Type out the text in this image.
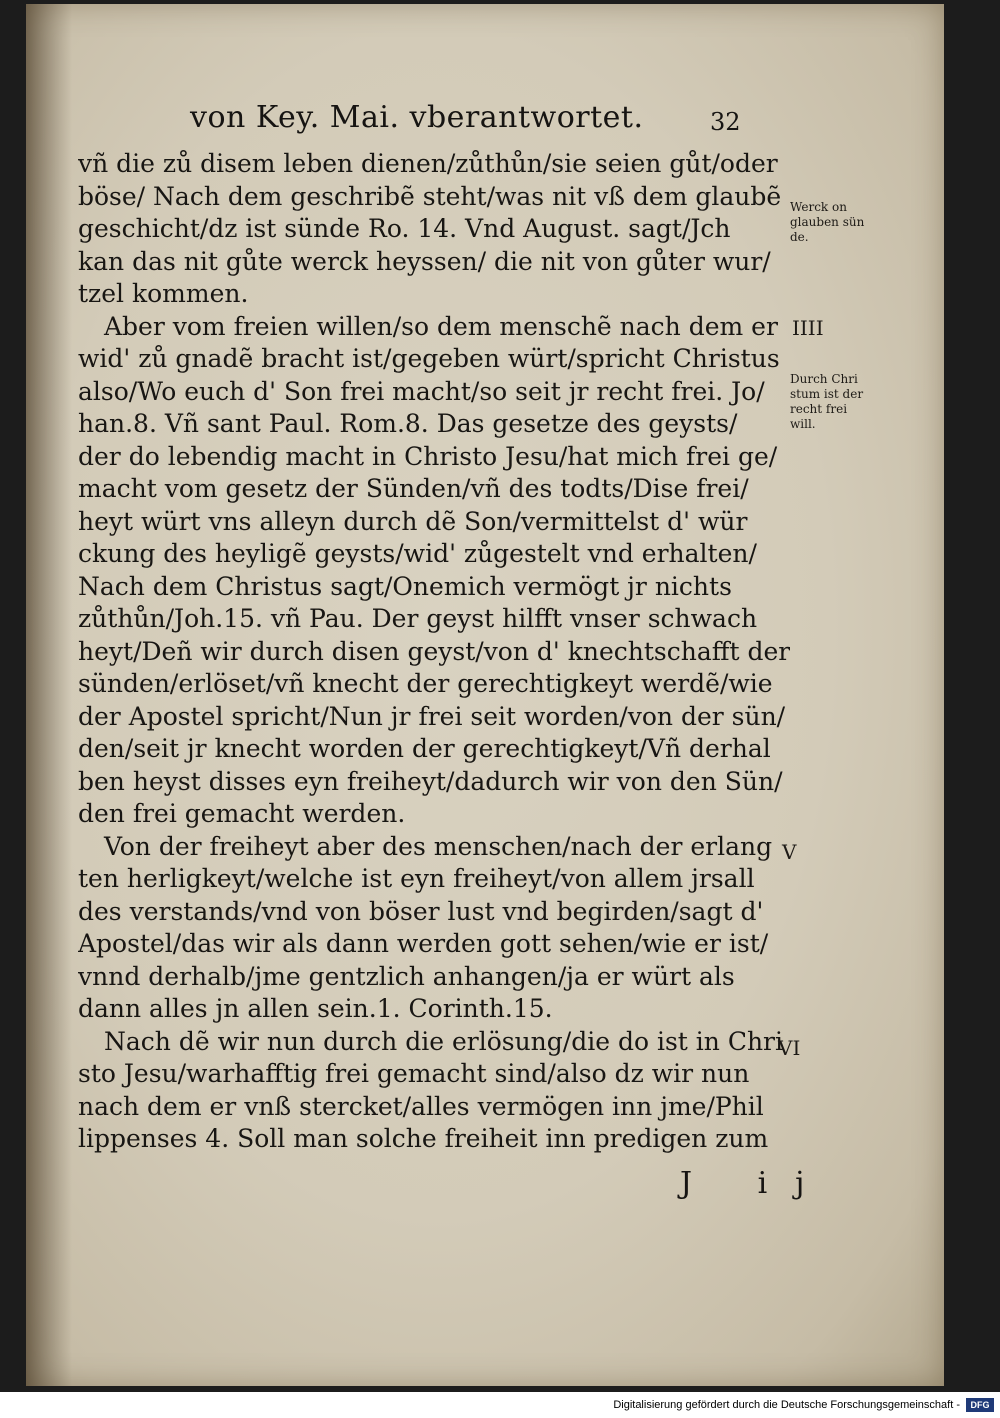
von Key. Mai. vberantwortet.	32
vñ die zů disem leben dienen/zůthůn/sie seien gůt/oder
böse/ Nach dem geschribẽ steht/was nit vß dem glaubẽ
geschicht/dz ist sünde Ro. 14. Vnd August. sagt/Jch
kan das nit gůte werck heyssen/ die nit von gůter wur/
tzel kommen.
Aber vom freien willen/so dem menschẽ nach dem er
wid' zů gnadẽ bracht ist/gegeben würt/spricht Christus
also/Wo euch d' Son frei macht/so seit jr recht frei. Jo/
han.8. Vñ sant Paul. Rom.8. Das gesetze des geysts/
der do lebendig macht in Christo Jesu/hat mich frei ge/
macht vom gesetz der Sünden/vñ des todts/Dise frei/
heyt würt vns alleyn durch dẽ Son/vermittelst d' wür
ckung des heyligẽ geysts/wid' zůgestelt vnd erhalten/
Nach dem Christus sagt/Onemich vermögt jr nichts
zůthůn/Joh.15. vñ Pau. Der geyst hilfft vnser schwach
heyt/Deñ wir durch disen geyst/von d' knechtschafft der
sünden/erlöset/vñ knecht der gerechtigkeyt werdẽ/wie
der Apostel spricht/Nun jr frei seit worden/von der sün/
den/seit jr knecht worden der gerechtigkeyt/Vñ derhal
ben heyst disses eyn freiheyt/dadurch wir von den Sün/
den frei gemacht werden.
Von der freiheyt aber des menschen/nach der erlang
ten herligkeyt/welche ist eyn freiheyt/von allem jrsall
des verstands/vnd von böser lust vnd begirden/sagt d'
Apostel/das wir als dann werden gott sehen/wie er ist/
vnnd derhalb/jme gentzlich anhangen/ja er würt als
dann alles jn allen sein.1. Corinth.15.
Nach dẽ wir nun durch die erlösung/die do ist in Chri
sto Jesu/warhafftig frei gemacht sind/also dz wir nun
nach dem er vnß stercket/alles vermögen inn jme/Phil
lippenses 4. Soll man solche freiheit inn predigen zum
Werck on
glauben sün
de.
Durch Chri
stum ist der
recht frei
will.
IIII
V
VI
J ij
Digitalisierung gefördert durch die Deutsche Forschungsgemeinschaft -	DFG
